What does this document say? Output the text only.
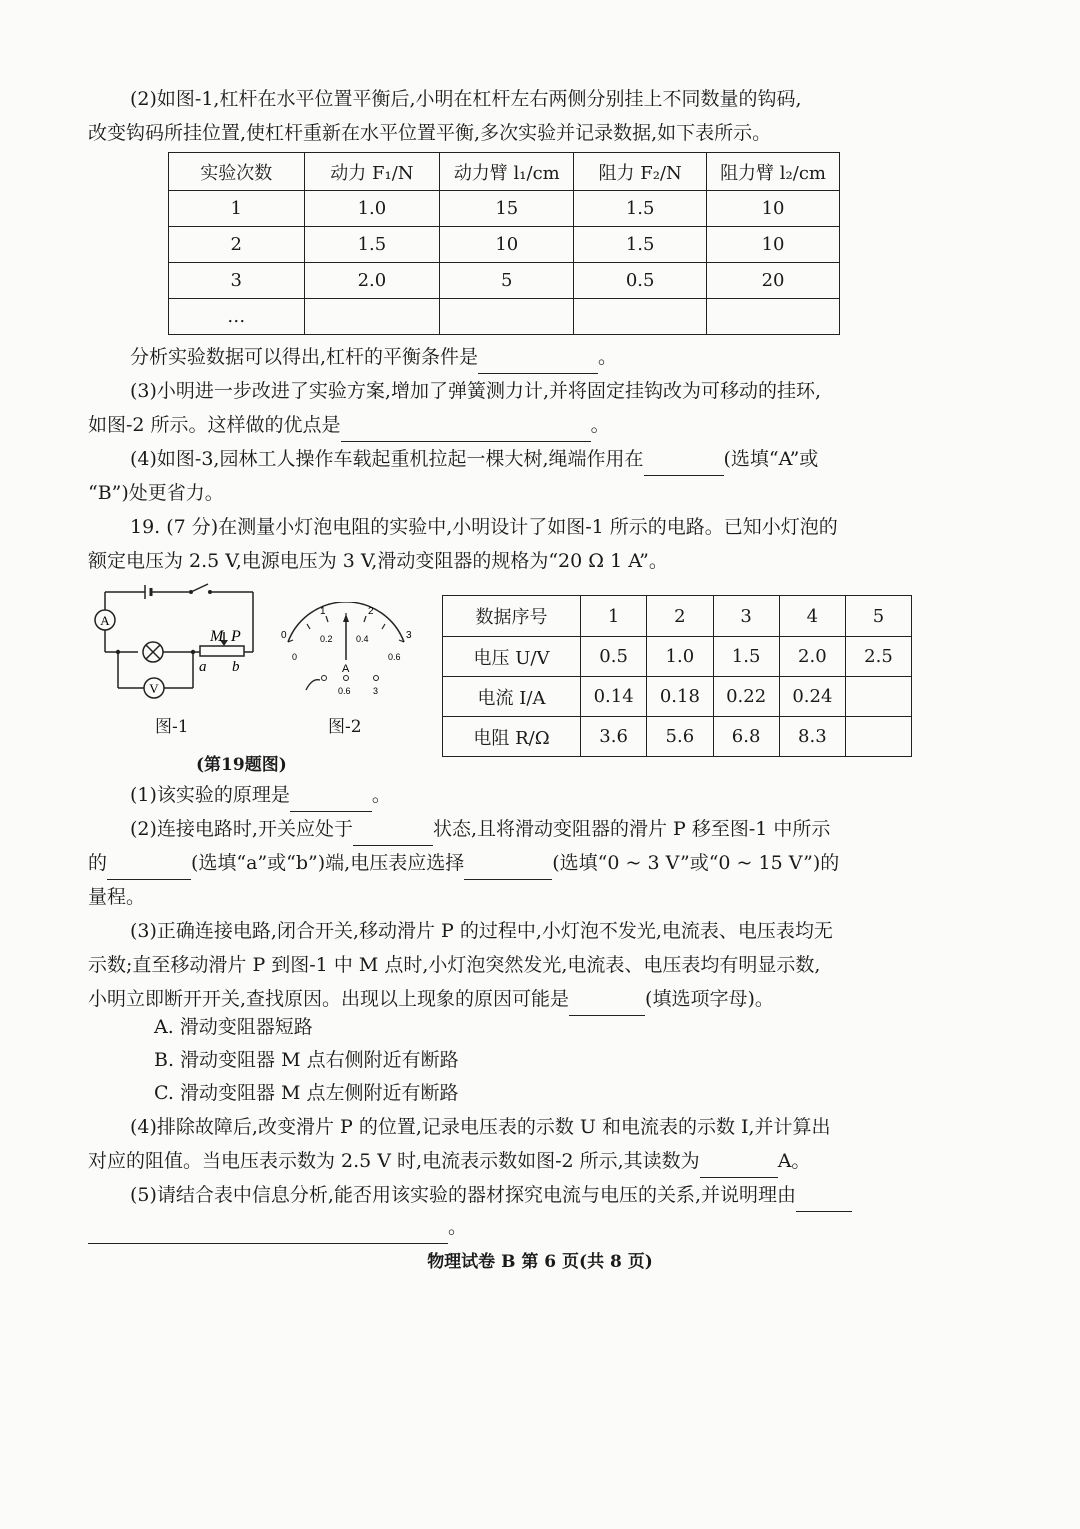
(2)如图-1,杠杆在水平位置平衡后,小明在杠杆左右两侧分别挂上不同数量的钩码,

改变钩码所挂位置,使杠杆重新在水平位置平衡,多次实验并记录数据,如下表所示。

实验次数	动力 F₁/N	动力臂 l₁/cm	阻力 F₂/N	阻力臂 l₂/cm
1	1.0	15	1.5	10
2	1.5	10	1.5	10
3	2.0	5	0.5	20
…				

分析实验数据可以得出,杠杆的平衡条件是	。

(3)小明进一步改进了实验方案,增加了弹簧测力计,并将固定挂钩改为可移动的挂环,

如图-2 所示。这样做的优点是	。

(4)如图-3,园林工人操作车载起重机拉起一棵大树,绳端作用在	(选填“A”或

“B”)处更省力。

19. (7 分)在测量小灯泡电阻的实验中,小明设计了如图-1 所示的电路。已知小灯泡的

额定电压为 2.5 V,电源电压为 3 V,滑动变阻器的规格为“20 Ω 1 A”。

A
V
M P
a b
图-1
0
1	2
3
0
0.2	0.4
0.6
A
0.6 3
图-2
(第19题图)
数据序号	1	2	3	4	5
电压 U/V	0.5	1.0	1.5	2.0	2.5
电流 I/A	0.14	0.18	0.22	0.24	
电阻 R/Ω	3.6	5.6	6.8	8.3	

(1)该实验的原理是	。

(2)连接电路时,开关应处于	状态,且将滑动变阻器的滑片 P 移至图-1 中所示

的	(选填“a”或“b”)端,电压表应选择	(选填“0 ~ 3 V”或“0 ~ 15 V”)的

量程。

(3)正确连接电路,闭合开关,移动滑片 P 的过程中,小灯泡不发光,电流表、电压表均无

示数;直至移动滑片 P 到图-1 中 M 点时,小灯泡突然发光,电流表、电压表均有明显示数,

小明立即断开开关,查找原因。出现以上现象的原因可能是	(填选项字母)。

A. 滑动变阻器短路
B. 滑动变阻器 M 点右侧附近有断路
C. 滑动变阻器 M 点左侧附近有断路

(4)排除故障后,改变滑片 P 的位置,记录电压表的示数 U 和电流表的示数 I,并计算出

对应的阻值。当电压表示数为 2.5 V 时,电流表示数如图-2 所示,其读数为	A。

(5)请结合表中信息分析,能否用该实验的器材探究电流与电压的关系,并说明理由

。

物理试卷 B 第 6 页(共 8 页)
